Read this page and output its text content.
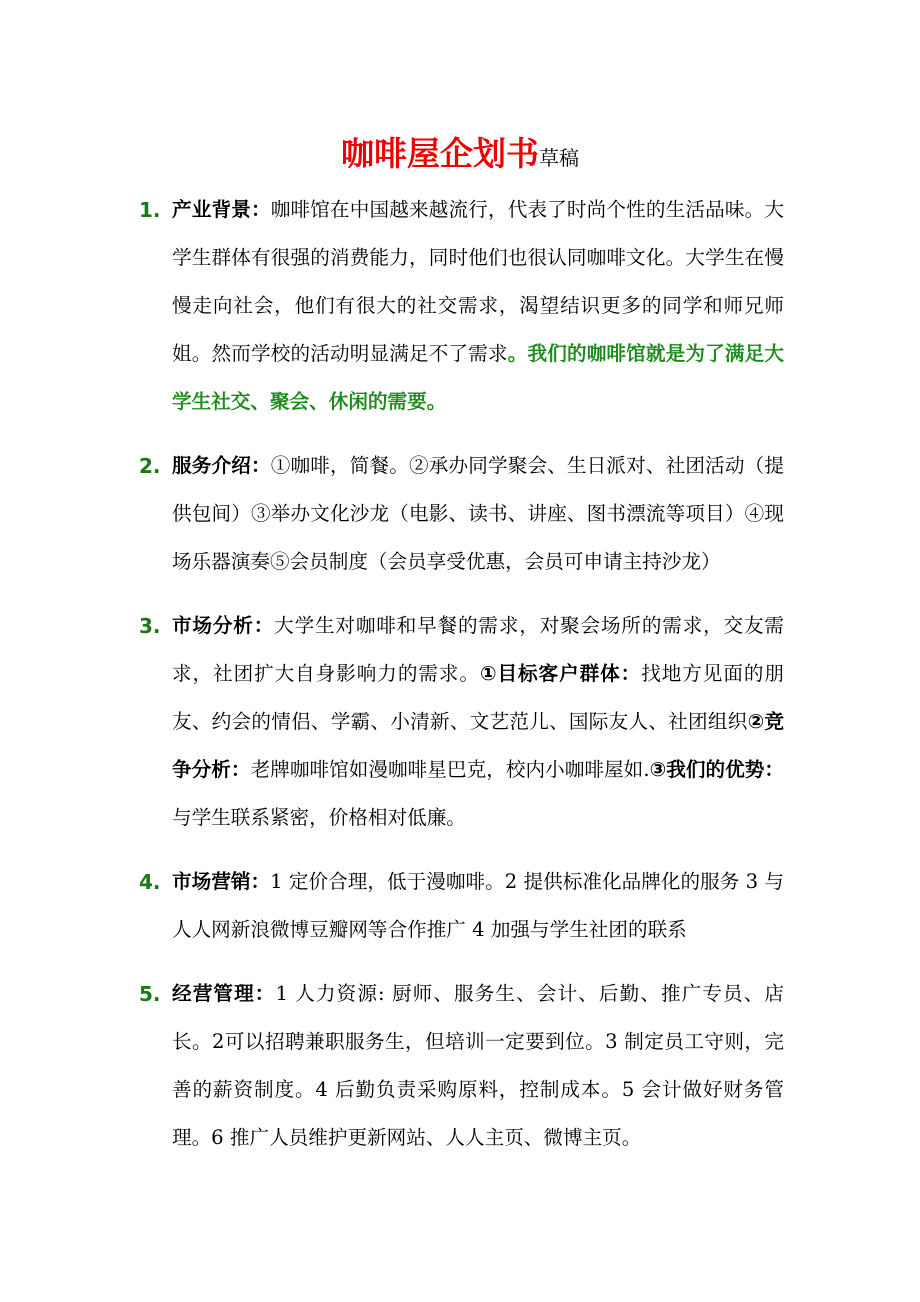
咖啡屋企划书草稿
1. 产业背景：咖啡馆在中国越来越流行，代表了时尚个性的生活品味。大学生群体有很强的消费能力，同时他们也很认同咖啡文化。大学生在慢慢走向社会，他们有很大的社交需求，渴望结识更多的同学和师兄师姐。然而学校的活动明显满足不了需求。我们的咖啡馆就是为了满足大学生社交、聚会、休闲的需要。
2. 服务介绍：①咖啡，简餐。②承办同学聚会、生日派对、社团活动（提供包间）③举办文化沙龙（电影、读书、讲座、图书漂流等项目）④现场乐器演奏⑤会员制度（会员享受优惠，会员可申请主持沙龙）
3. 市场分析：大学生对咖啡和早餐的需求，对聚会场所的需求，交友需求，社团扩大自身影响力的需求。①目标客户群体：找地方见面的朋友、约会的情侣、学霸、小清新、文艺范儿、国际友人、社团组织②竞争分析：老牌咖啡馆如漫咖啡星巴克，校内小咖啡屋如.③我们的优势：与学生联系紧密，价格相对低廉。
4. 市场营销：1 定价合理，低于漫咖啡。2 提供标准化品牌化的服务 3 与人人网新浪微博豆瓣网等合作推广 4 加强与学生社团的联系
5. 经营管理：1 人力资源: 厨师、服务生、会计、后勤、推广专员、店长。2可以招聘兼职服务生，但培训一定要到位。3 制定员工守则，完善的薪资制度。4 后勤负责采购原料，控制成本。5 会计做好财务管理。6 推广人员维护更新网站、人人主页、微博主页。
